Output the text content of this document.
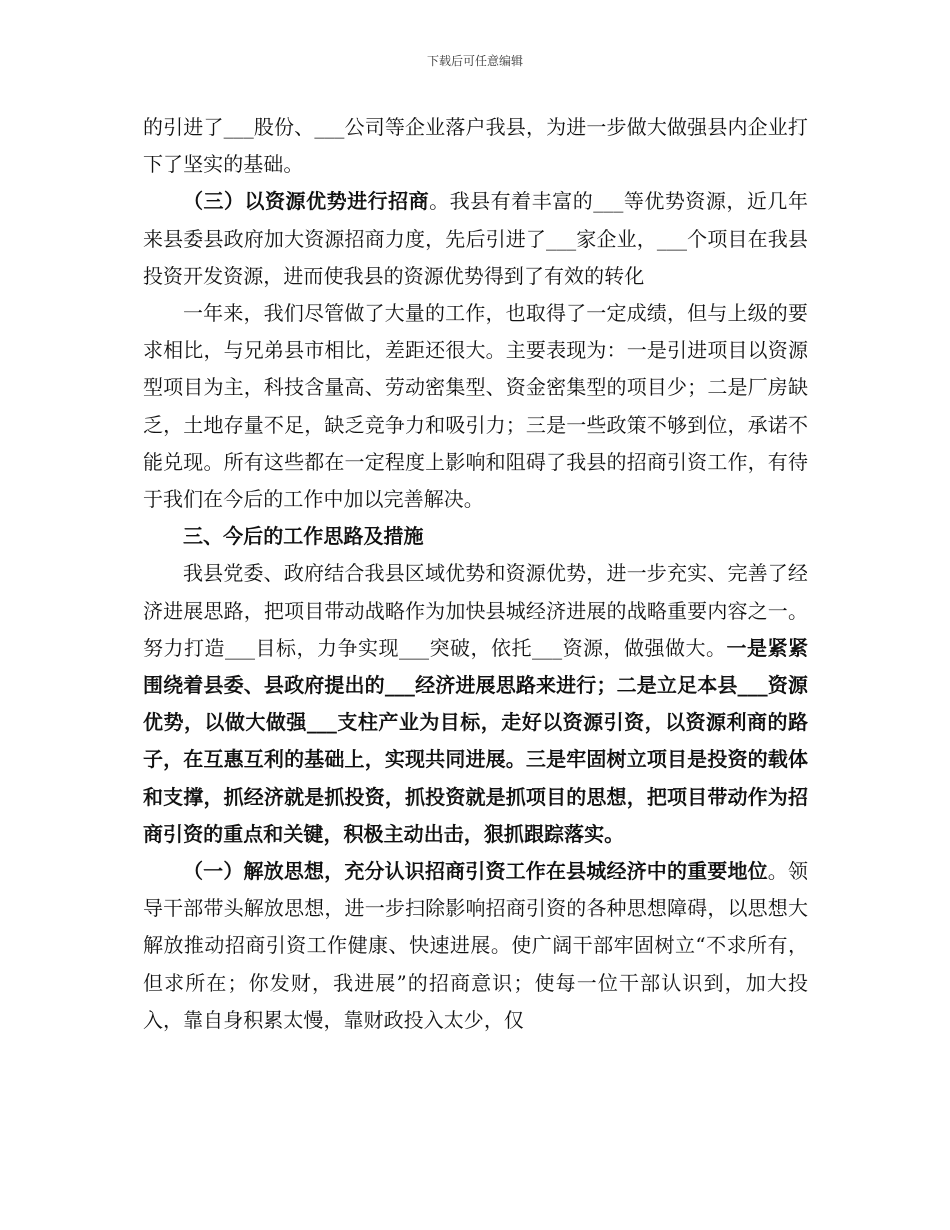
下载后可任意编辑

的引进了___股份、___公司等企业落户我县，为进一步做大做强县内企业打下了坚实的基础。

（三）以资源优势进行招商。我县有着丰富的___等优势资源，近几年来县委县政府加大资源招商力度，先后引进了___家企业，___个项目在我县投资开发资源，进而使我县的资源优势得到了有效的转化

一年来，我们尽管做了大量的工作，也取得了一定成绩，但与上级的要求相比，与兄弟县市相比，差距还很大。主要表现为：一是引进项目以资源型项目为主，科技含量高、劳动密集型、资金密集型的项目少；二是厂房缺乏，土地存量不足，缺乏竞争力和吸引力；三是一些政策不够到位，承诺不能兑现。所有这些都在一定程度上影响和阻碍了我县的招商引资工作，有待于我们在今后的工作中加以完善解决。

三、今后的工作思路及措施

我县党委、政府结合我县区域优势和资源优势，进一步充实、完善了经济进展思路，把项目带动战略作为加快县城经济进展的战略重要内容之一。努力打造___目标，力争实现___突破，依托___资源，做强做大。一是紧紧围绕着县委、县政府提出的___经济进展思路来进行；二是立足本县___资源优势，以做大做强___支柱产业为目标，走好以资源引资，以资源利商的路子，在互惠互利的基础上，实现共同进展。三是牢固树立项目是投资的载体和支撑，抓经济就是抓投资，抓投资就是抓项目的思想，把项目带动作为招商引资的重点和关键，积极主动出击，狠抓跟踪落实。

（一）解放思想，充分认识招商引资工作在县城经济中的重要地位。领导干部带头解放思想，进一步扫除影响招商引资的各种思想障碍，以思想大解放推动招商引资工作健康、快速进展。使广阔干部牢固树立“不求所有，但求所在；你发财，我进展”的招商意识；使每一位干部认识到，加大投入，靠自身积累太慢，靠财政投入太少，仅
